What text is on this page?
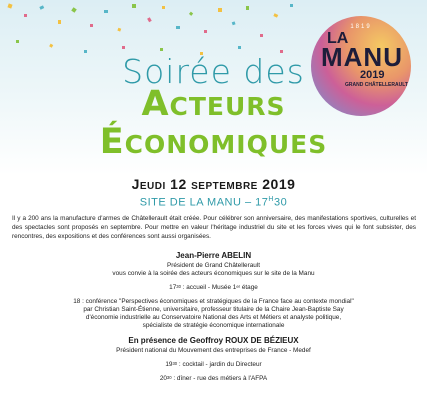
Soirée des
Acteurs
Économiques
1819
LA
MANU
2019
GRAND CHÂTELLERAULT
Jeudi 12 septembre 2019
SITE DE LA MANU – $17^H30$
Il y a 200 ans la manufacture d'armes de Châtellerault était créée. Pour célébrer son anniversaire, des manifestations sportives, culturelles et des spectacles sont proposés en septembre. Pour mettre en valeur l'héritage industriel du site et les forces vives qui le font subsister, des rencontres, des expositions et des conférences sont aussi organisées.
Jean-Pierre ABELIN
Président de Grand Châtellerault
vous convie à la soirée des acteurs économiques sur le site de la Manu
$17^{30}$ : accueil - Musée 1er étage
18 : conférence "Perspectives économiques et stratégiques de la France face au contexte mondial"
par Christian Saint-Étienne, universitaire, professeur titulaire de la Chaire Jean-Baptiste Say
d'économie industrielle au Conservatoire National des Arts et Métiers et analyste politique,
spécialiste de stratégie économique internationale
En présence de Geoffroy ROUX DE BÉZIEUX
Président national du Mouvement des entreprises de France - Medef
$19^{30}$ : cocktail - jardin du Directeur
$20^{30}$ : dîner - rue des métiers à l'AFPA
